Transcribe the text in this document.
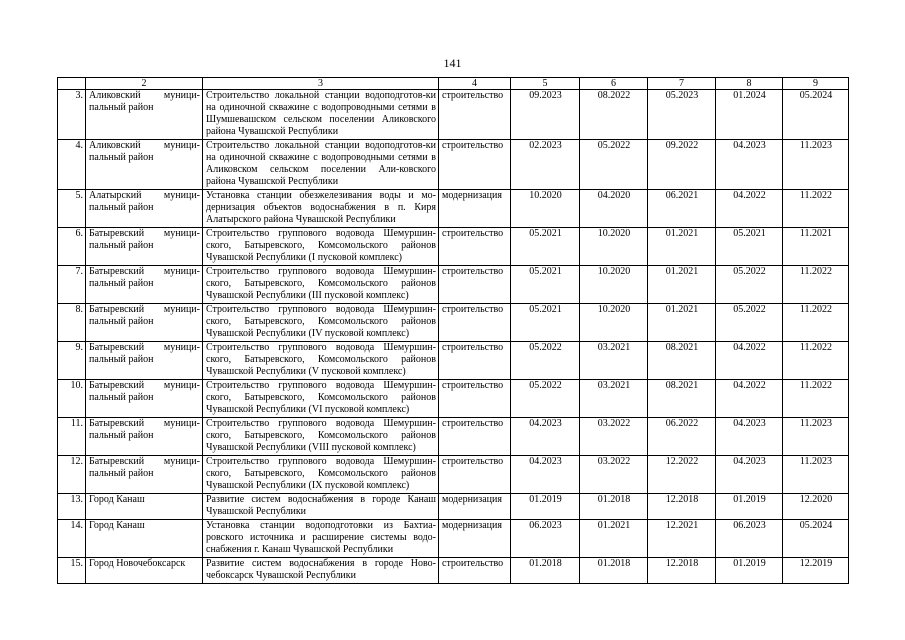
141
	2	3	4	5	6	7	8	9
3.	Аликовский муници-пальный район	Строительство локальной станции водоподготов-ки на одиночной скважине с водопроводными сетями в Шумшевашском сельском поселении Аликовского района Чувашской Республики	строительство	09.2023	08.2022	05.2023	01.2024	05.2024
4.	Аликовский муници-пальный район	Строительство локальной станции водоподготов-ки на одиночной скважине с водопроводными сетями в Аликовском сельском поселении Али-ковского района Чувашской Республики	строительство	02.2023	05.2022	09.2022	04.2023	11.2023
5.	Алатырский муници-пальный район	Установка станции обезжелезивания воды и мо-дернизация объектов водоснабжения в п. Киря Алатырского района Чувашской Республики	модернизация	10.2020	04.2020	06.2021	04.2022	11.2022
6.	Батыревский муници-пальный район	Строительство группового водовода Шемуршин-ского, Батыревского, Комсомольского районов Чувашской Республики (I пусковой комплекс)	строительство	05.2021	10.2020	01.2021	05.2021	11.2021
7.	Батыревский муници-пальный район	Строительство группового водовода Шемуршин-ского, Батыревского, Комсомольского районов Чувашской Республики (III пусковой комплекс)	строительство	05.2021	10.2020	01.2021	05.2022	11.2022
8.	Батыревский муници-пальный район	Строительство группового водовода Шемуршин-ского, Батыревского, Комсомольского районов Чувашской Республики (IV пусковой комплекс)	строительство	05.2021	10.2020	01.2021	05.2022	11.2022
9.	Батыревский муници-пальный район	Строительство группового водовода Шемуршин-ского, Батыревского, Комсомольского районов Чувашской Республики (V пусковой комплекс)	строительство	05.2022	03.2021	08.2021	04.2022	11.2022
10.	Батыревский муници-пальный район	Строительство группового водовода Шемуршин-ского, Батыревского, Комсомольского районов Чувашской Республики (VI пусковой комплекс)	строительство	05.2022	03.2021	08.2021	04.2022	11.2022
11.	Батыревский муници-пальный район	Строительство группового водовода Шемуршин-ского, Батыревского, Комсомольского районов Чувашской Республики (VIII пусковой комплекс)	строительство	04.2023	03.2022	06.2022	04.2023	11.2023
12.	Батыревский муници-пальный район	Строительство группового водовода Шемуршин-ского, Батыревского, Комсомольского районов Чувашской Республики (IX пусковой комплекс)	строительство	04.2023	03.2022	12.2022	04.2023	11.2023
13.	Город Канаш	Развитие систем водоснабжения в городе Канаш Чувашской Республики	модернизация	01.2019	01.2018	12.2018	01.2019	12.2020
14.	Город Канаш	Установка станции водоподготовки из Бахтиа-ровского источника и расширение системы водо-снабжения г. Канаш Чувашской Республики	модернизация	06.2023	01.2021	12.2021	06.2023	05.2024
15.	Город Новочебоксарск	Развитие систем водоснабжения в городе Ново-чебоксарск Чувашской Республики	строительство	01.2018	01.2018	12.2018	01.2019	12.2019
